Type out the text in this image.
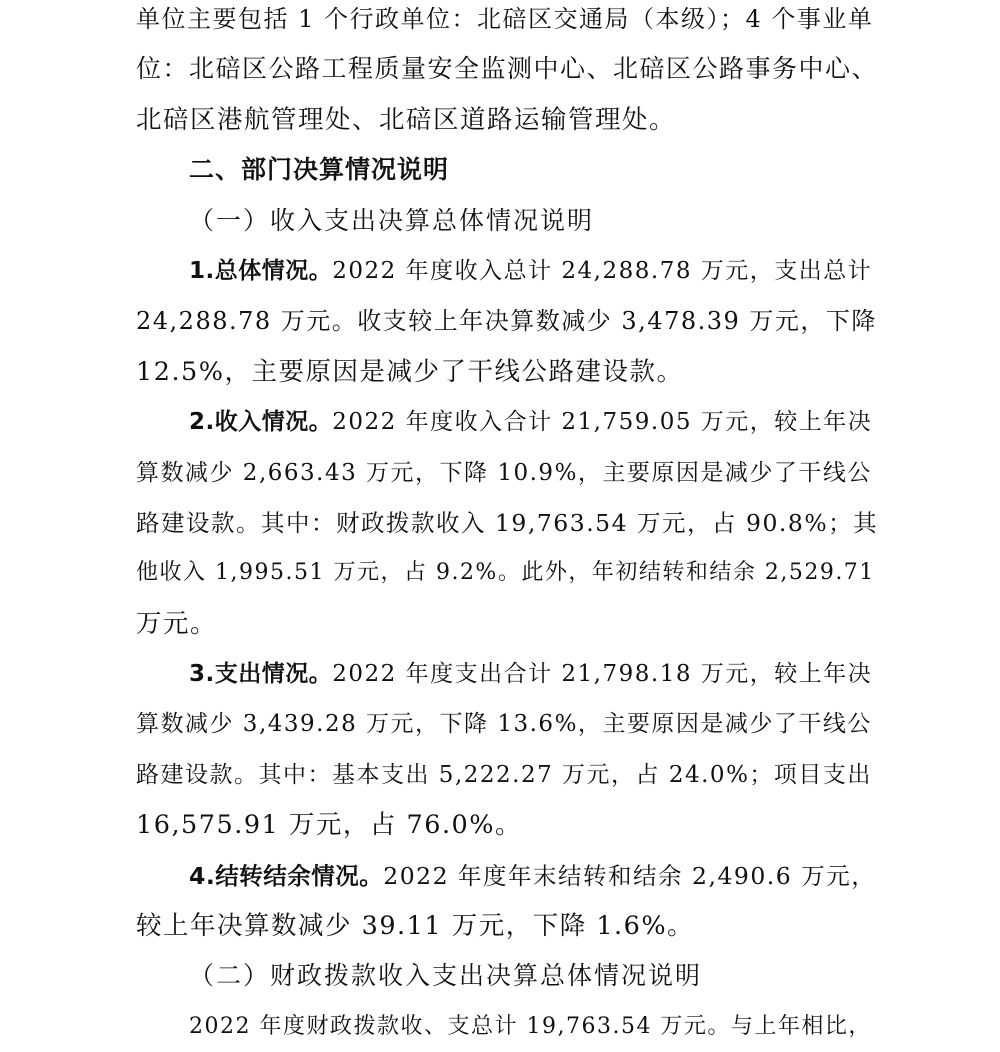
单位主要包括 1 个行政单位：北碚区交通局（本级）；4 个事业单
位：北碚区公路工程质量安全监测中心、北碚区公路事务中心、
北碚区港航管理处、北碚区道路运输管理处。
二、部门决算情况说明
（一）收入支出决算总体情况说明
1.总体情况。2022 年度收入总计 24,288.78 万元，支出总计
24,288.78 万元。收支较上年决算数减少 3,478.39 万元，下降
12.5%，主要原因是减少了干线公路建设款。
2.收入情况。2022 年度收入合计 21,759.05 万元，较上年决
算数减少 2,663.43 万元，下降 10.9%，主要原因是减少了干线公
路建设款。其中：财政拨款收入 19,763.54 万元，占 90.8%；其
他收入 1,995.51 万元，占 9.2%。此外，年初结转和结余 2,529.71
万元。
3.支出情况。2022 年度支出合计 21,798.18 万元，较上年决
算数减少 3,439.28 万元，下降 13.6%，主要原因是减少了干线公
路建设款。其中：基本支出 5,222.27 万元，占 24.0%；项目支出
16,575.91 万元，占 76.0%。
4.结转结余情况。2022 年度年末结转和结余 2,490.6 万元，
较上年决算数减少 39.11 万元，下降 1.6%。
（二）财政拨款收入支出决算总体情况说明
2022 年度财政拨款收、支总计 19,763.54 万元。与上年相比，
